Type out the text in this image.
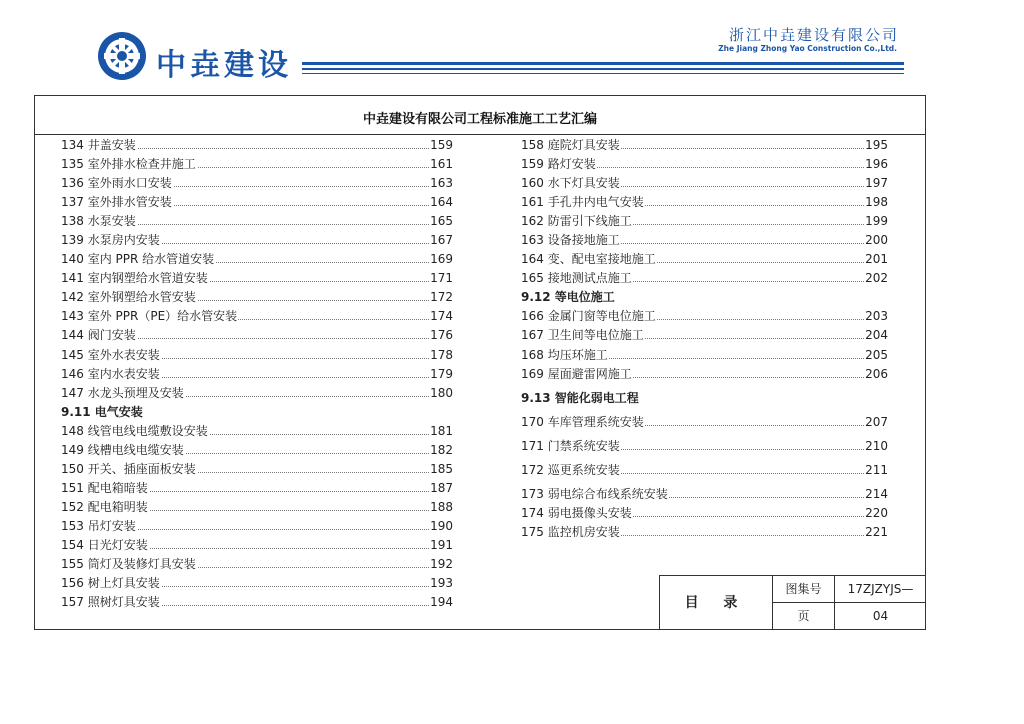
中垚建设
浙江中垚建设有限公司
Zhe Jiang Zhong Yao Construction Co.,Ltd.
中垚建设有限公司工程标准施工工艺汇编
134 井盖安装	159
135 室外排水检查井施工	161
136 室外雨水口安装	163
137 室外排水管安装	164
138 水泵安装	165
139 水泵房内安装	167
140 室内 PPR 给水管道安装	169
141 室内钢塑给水管道安装	171
142 室外钢塑给水管安装	172
143 室外 PPR（PE）给水管安装	174
144 阀门安装	176
145 室外水表安装	178
146 室内水表安装	179
147 水龙头预埋及安装	180
9.11 电气安装
148 线管电线电缆敷设安装	181
149 线槽电线电缆安装	182
150 开关、插座面板安装	185
151 配电箱暗装	187
152 配电箱明装	188
153 吊灯安装	190
154 日光灯安装	191
155 筒灯及装修灯具安装	192
156 树上灯具安装	193
157 照树灯具安装	194
158 庭院灯具安装	195
159 路灯安装	196
160 水下灯具安装	197
161 手孔井内电气安装	198
162 防雷引下线施工	199
163 设备接地施工	200
164 变、配电室接地施工	201
165 接地测试点施工	202
9.12 等电位施工
166 金属门窗等电位施工	203
167 卫生间等电位施工	204
168 均压环施工	205
169 屋面避雷网施工	206
9.13 智能化弱电工程
170 车库管理系统安装	207
171 门禁系统安装	210
172 巡更系统安装	211
173 弱电综合布线系统安装	214
174 弱电摄像头安装	220
175 监控机房安装	221
目 录
图集号	17ZJZYJS—
页	04
